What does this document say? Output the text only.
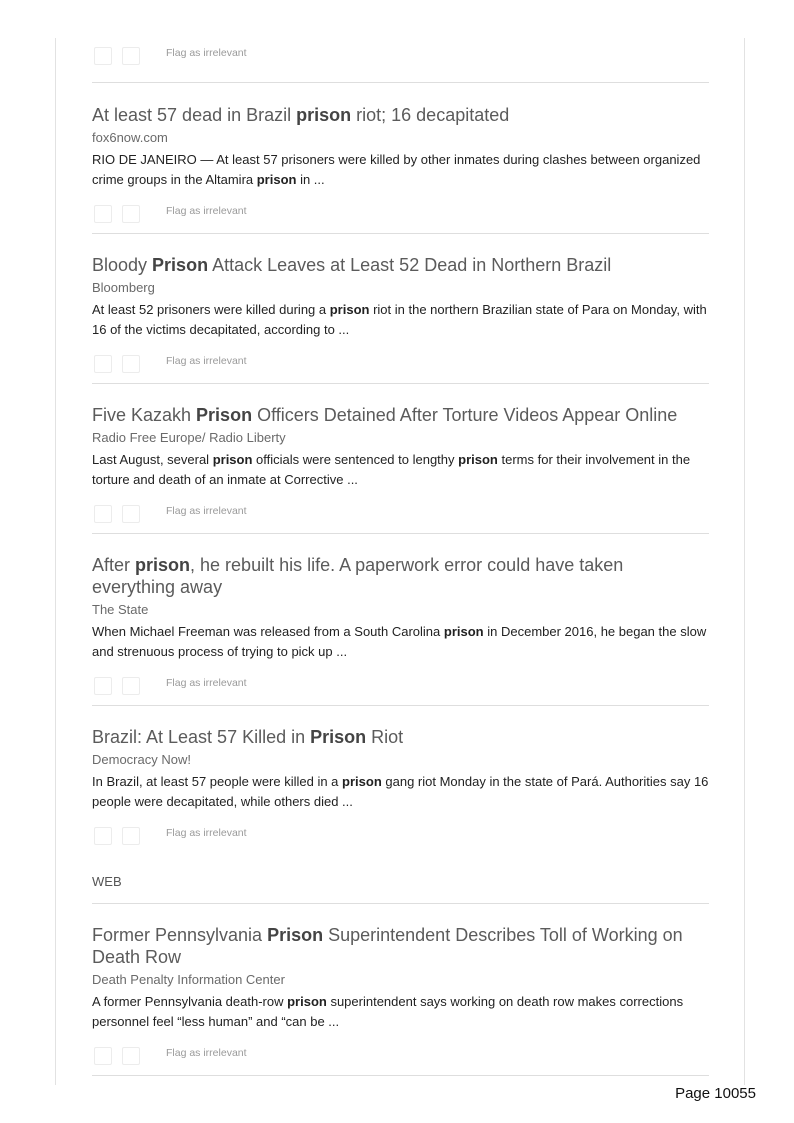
Flag as irrelevant
At least 57 dead in Brazil prison riot; 16 decapitated
fox6now.com
RIO DE JANEIRO — At least 57 prisoners were killed by other inmates during clashes between organized crime groups in the Altamira prison in ...
Flag as irrelevant
Bloody Prison Attack Leaves at Least 52 Dead in Northern Brazil
Bloomberg
At least 52 prisoners were killed during a prison riot in the northern Brazilian state of Para on Monday, with 16 of the victims decapitated, according to ...
Flag as irrelevant
Five Kazakh Prison Officers Detained After Torture Videos Appear Online
Radio Free Europe/ Radio Liberty
Last August, several prison officials were sentenced to lengthy prison terms for their involvement in the torture and death of an inmate at Corrective ...
Flag as irrelevant
After prison, he rebuilt his life. A paperwork error could have taken everything away
The State
When Michael Freeman was released from a South Carolina prison in December 2016, he began the slow and strenuous process of trying to pick up ...
Flag as irrelevant
Brazil: At Least 57 Killed in Prison Riot
Democracy Now!
In Brazil, at least 57 people were killed in a prison gang riot Monday in the state of Pará. Authorities say 16 people were decapitated, while others died ...
Flag as irrelevant
WEB
Former Pennsylvania Prison Superintendent Describes Toll of Working on Death Row
Death Penalty Information Center
A former Pennsylvania death-row prison superintendent says working on death row makes corrections personnel feel “less human” and “can be ...
Flag as irrelevant
Page 10055
